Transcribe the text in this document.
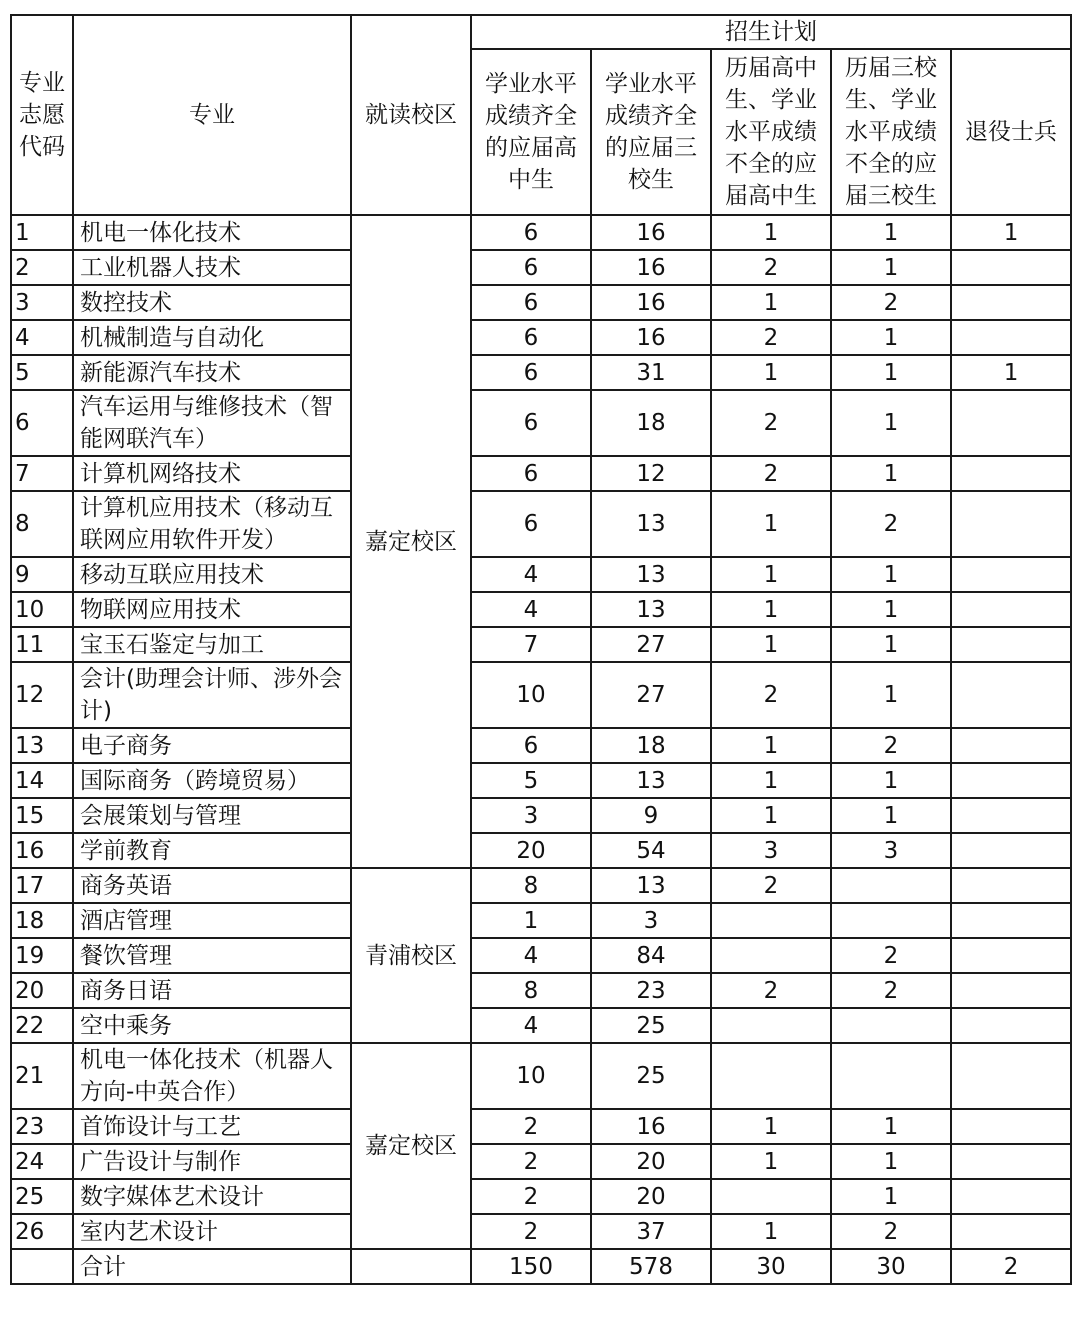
专业志愿代码	专业	就读校区	招生计划				
			学业水平成绩齐全的应届高中生	学业水平成绩齐全的应届三校生	历届高中生、学业水平成绩不全的应届高中生	历届三校生、学业水平成绩不全的应届三校生	退役士兵
1	机电一体化技术	嘉定校区	6	16	1	1	1
2	工业机器人技术		6	16	2	1	
3	数控技术		6	16	1	2	
4	机械制造与自动化		6	16	2	1	
5	新能源汽车技术		6	31	1	1	1
6	汽车运用与维修技术（智能网联汽车）		6	18	2	1	
7	计算机网络技术		6	12	2	1	
8	计算机应用技术（移动互联网应用软件开发）		6	13	1	2	
9	移动互联应用技术		4	13	1	1	
10	物联网应用技术		4	13	1	1	
11	宝玉石鉴定与加工		7	27	1	1	
12	会计(助理会计师、涉外会计)		10	27	2	1	
13	电子商务		6	18	1	2	
14	国际商务（跨境贸易）		5	13	1	1	
15	会展策划与管理		3	9	1	1	
16	学前教育		20	54	3	3	
17	商务英语	青浦校区	8	13	2		
18	酒店管理		1	3			
19	餐饮管理		4	84		2	
20	商务日语		8	23	2	2	
22	空中乘务		4	25			
21	机电一体化技术（机器人方向-中英合作）	嘉定校区	10	25			
23	首饰设计与工艺		2	16	1	1	
24	广告设计与制作		2	20	1	1	
25	数字媒体艺术设计		2	20		1	
26	室内艺术设计		2	37	1	2	
	合计		150	578	30	30	2
